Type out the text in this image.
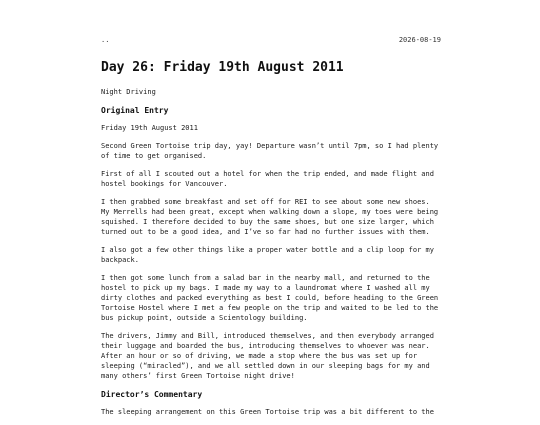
..	2026-08-19
Day 26: Friday 19th August 2011

Night Driving

Original Entry

Friday 19th August 2011

Second Green Tortoise trip day, yay! Departure wasn’t until 7pm, so I had plenty of time to get organised.

First of all I scouted out a hotel for when the trip ended, and made flight and hostel bookings for Vancouver.

I then grabbed some breakfast and set off for REI to see about some new shoes. My Merrells had been great, except when walking down a slope, my toes were being squished. I therefore decided to buy the same shoes, but one size larger, which turned out to be a good idea, and I’ve so far had no further issues with them.

I also got a few other things like a proper water bottle and a clip loop for my backpack.

I then got some lunch from a salad bar in the nearby mall, and returned to the hostel to pick up my bags. I made my way to a laundromat where I washed all my dirty clothes and packed everything as best I could, before heading to the Green Tortoise Hostel where I met a few people on the trip and waited to be led to the bus pickup point, outside a Scientology building.

The drivers, Jimmy and Bill, introduced themselves, and then everybody arranged their luggage and boarded the bus, introducing themselves to whoever was near. After an hour or so of driving, we made a stop where the bus was set up for sleeping (“miracled”), and we all settled down in our sleeping bags for my and many others’ first Green Tortoise night drive!

Director’s Commentary

The sleeping arrangement on this Green Tortoise trip was a bit different to the
